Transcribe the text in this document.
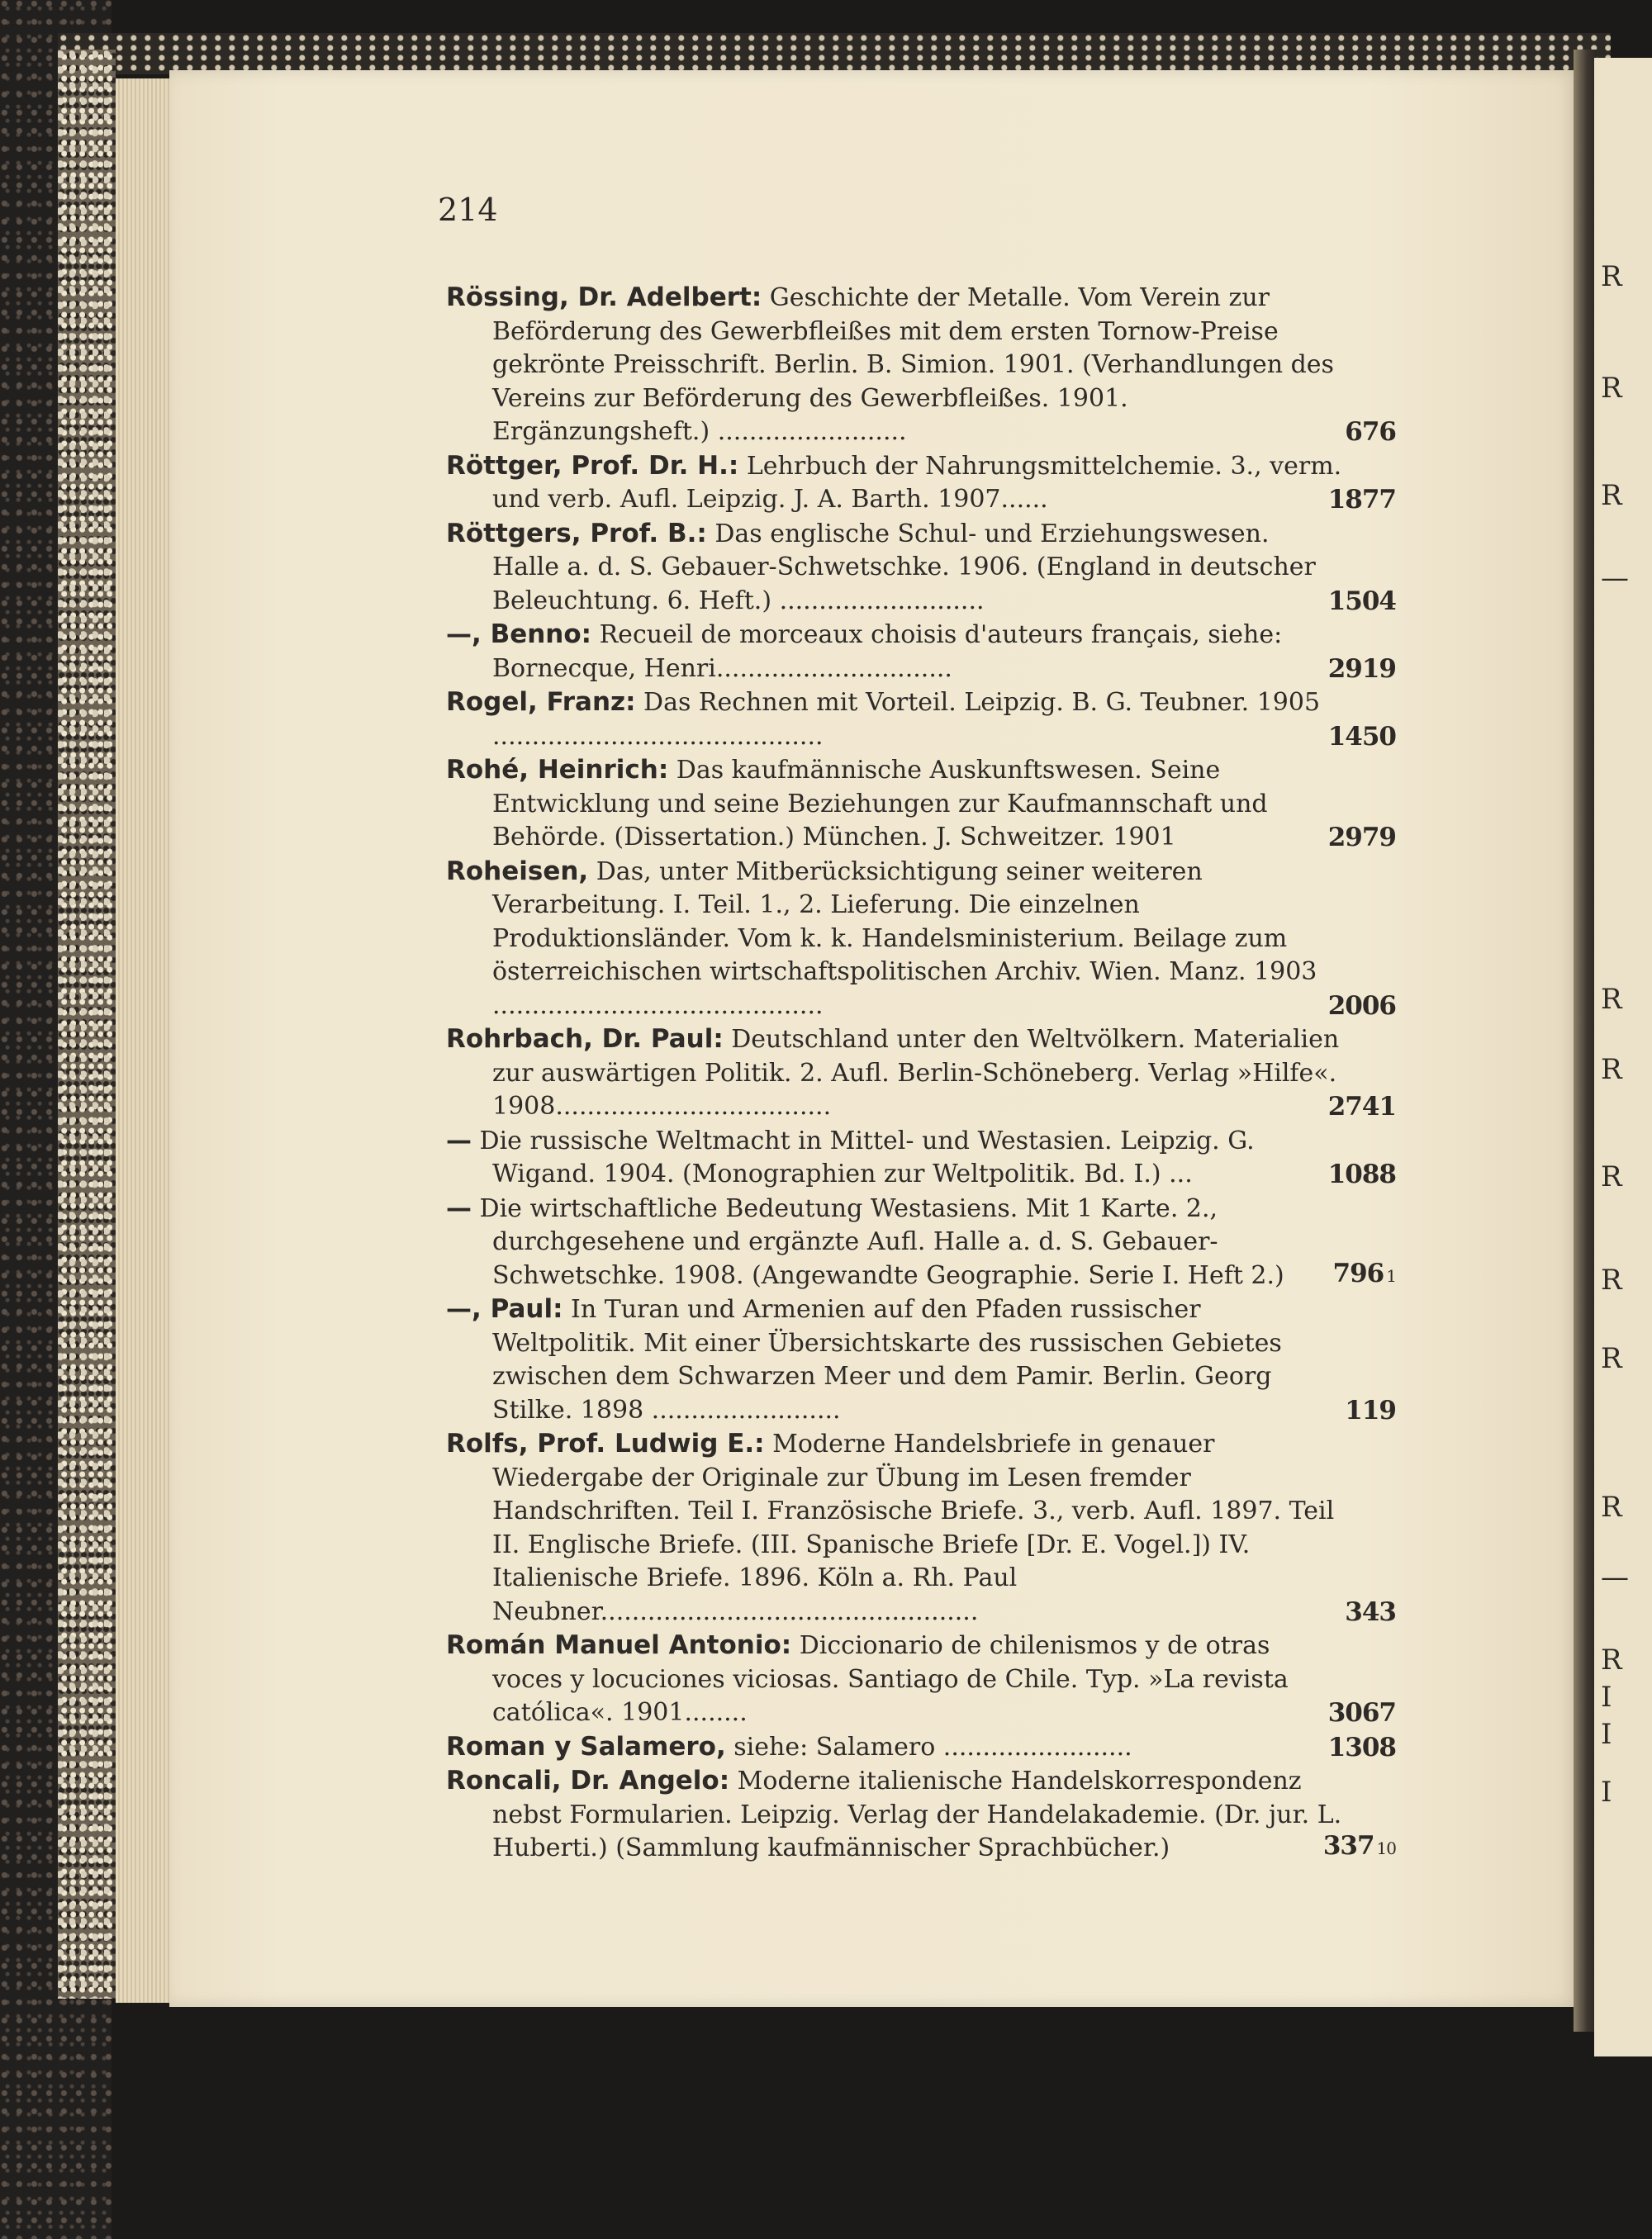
R
R
R
—
R
R
R
R
R
R
—
R
I
I
I
214
Rössing, Dr. Adelbert: Geschichte der Metalle. Vom Verein zur Beförderung des Gewerbfleißes mit dem ersten Tornow-Preise gekrönte Preisschrift. Berlin. B. Simion. 1901. (Verhandlungen des Vereins zur Beförderung des Gewerbfleißes. 1901. Ergänzungsheft.) ........................	676
Röttger, Prof. Dr. H.: Lehrbuch der Nahrungsmittelchemie. 3., verm. und verb. Aufl. Leipzig. J. A. Barth. 1907......	1877
Röttgers, Prof. B.: Das englische Schul- und Erziehungswesen. Halle a. d. S. Gebauer-Schwetschke. 1906. (England in deutscher Beleuchtung. 6. Heft.) ..........................	1504
—, Benno: Recueil de morceaux choisis d'auteurs français, siehe: Bornecque, Henri..............................	2919
Rogel, Franz: Das Rechnen mit Vorteil. Leipzig. B. G. Teubner. 1905 ..........................................	1450
Rohé, Heinrich: Das kaufmännische Auskunftswesen. Seine Entwicklung und seine Beziehungen zur Kaufmannschaft und Behörde. (Dissertation.) München. J. Schweitzer. 1901	2979
Roheisen, Das, unter Mitberücksichtigung seiner weiteren Verarbeitung. I. Teil. 1., 2. Lieferung. Die einzelnen Produktionsländer. Vom k. k. Handelsministerium. Beilage zum österreichischen wirtschaftspolitischen Archiv. Wien. Manz. 1903 ..........................................	2006
Rohrbach, Dr. Paul: Deutschland unter den Weltvölkern. Materialien zur auswärtigen Politik. 2. Aufl. Berlin-Schöneberg. Verlag »Hilfe«. 1908...................................	2741
— Die russische Weltmacht in Mittel- und Westasien. Leipzig. G. Wigand. 1904. (Monographien zur Weltpolitik. Bd. I.) ...	1088
— Die wirtschaftliche Bedeutung Westasiens. Mit 1 Karte. 2., durchgesehene und ergänzte Aufl. Halle a. d. S. Gebauer-Schwetschke. 1908. (Angewandte Geographie. Serie I. Heft 2.)	796 1
—, Paul: In Turan und Armenien auf den Pfaden russischer Weltpolitik. Mit einer Übersichtskarte des russischen Gebietes zwischen dem Schwarzen Meer und dem Pamir. Berlin. Georg Stilke. 1898 ........................	119
Rolfs, Prof. Ludwig E.: Moderne Handelsbriefe in genauer Wiedergabe der Originale zur Übung im Lesen fremder Handschriften. Teil I. Französische Briefe. 3., verb. Aufl. 1897. Teil II. Englische Briefe. (III. Spanische Briefe [Dr. E. Vogel.]) IV. Italienische Briefe. 1896. Köln a. Rh. Paul Neubner................................................	343
Román Manuel Antonio: Diccionario de chilenismos y de otras voces y locuciones viciosas. Santiago de Chile. Typ. »La revista católica«. 1901........	3067
Roman y Salamero, siehe: Salamero ........................	1308
Roncali, Dr. Angelo: Moderne italienische Handelskorrespondenz nebst Formularien. Leipzig. Verlag der Handelakademie. (Dr. jur. L. Huberti.) (Sammlung kaufmännischer Sprachbücher.)	337 10
